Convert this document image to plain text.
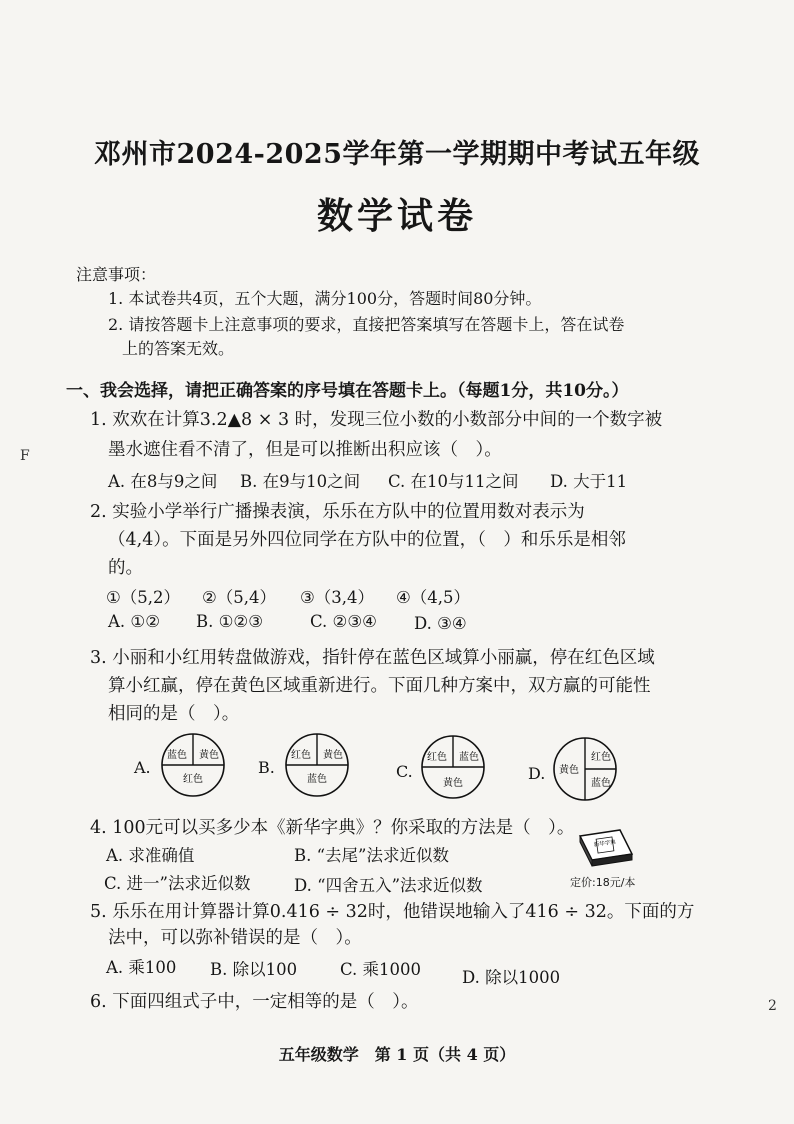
邓州市2024-2025学年第一学期期中考试五年级
数学试卷
注意事项：
1. 本试卷共4页，五个大题，满分100分，答题时间80分钟。
2. 请按答题卡上注意事项的要求，直接把答案填写在答题卡上，答在试卷
上的答案无效。
一、我会选择，请把正确答案的序号填在答题卡上。（每题1分，共10分。）
1. 欢欢在计算3.2▲8 × 3 时，发现三位小数的小数部分中间的一个数字被
墨水遮住看不清了，但是可以推断出积应该（　）。
A. 在8与9之间 B. 在9与10之间 C. 在10与11之间 D. 大于11
2. 实验小学举行广播操表演，乐乐在方队中的位置用数对表示为
（4,4）。下面是另外四位同学在方队中的位置，（　）和乐乐是相邻
的。
①（5,2） ②（5,4） ③（3,4） ④（4,5）
A. ①② B. ①②③	C. ②③④ D. ③④
3. 小丽和小红用转盘做游戏，指针停在蓝色区域算小丽赢，停在红色区域
算小红赢，停在黄色区域重新进行。下面几种方案中，双方赢的可能性
相同的是（　）。
A.
蓝色 黄色
红色
B.
红色 黄色
蓝色	C.
红色 蓝色
黄色
D. 黄色
红色
蓝色
4. 100元可以买多少本《新华字典》？你采取的方法是（　）。
A. 求准确值	B. “去尾”法求近似数
C. 进一”法求近似数	D. “四舍五入”法求近似数
新华字典
定价:18元/本
5. 乐乐在用计算器计算0.416 ÷ 32时，他错误地输入了416 ÷ 32。下面的方
法中，可以弥补错误的是（　）。
A. 乘100 B. 除以100	C. 乘1000 D. 除以1000
6. 下面四组式子中，一定相等的是（　）。
五年级数学　第 1 页（共 4 页）
F
2
